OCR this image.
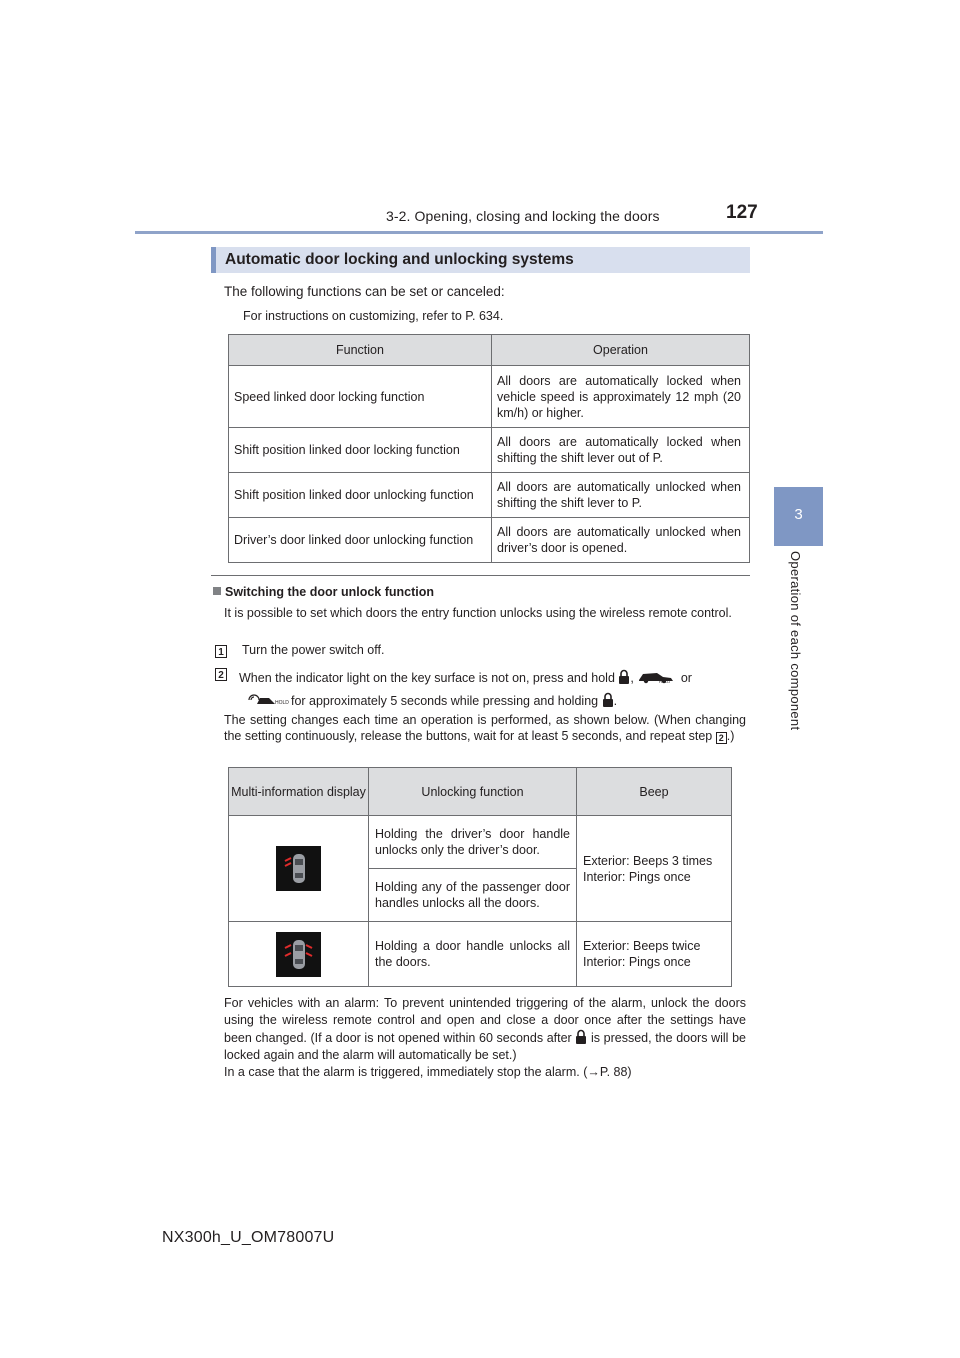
3-2. Opening, closing and locking the doors	127
3
Operation of each component
Automatic door locking and unlocking systems
The following functions can be set or canceled:
For instructions on customizing, refer to P. 634.
Function	Operation
Speed linked door locking function	All doors are automatically locked when vehicle speed is approximately 12 mph (20 km/h) or higher.
Shift position linked door locking function	All doors are automatically locked when shifting the shift lever out of P.
Shift position linked door unlocking function	All doors are automatically unlocked when shifting the shift lever to P.
Driver’s door linked door unlocking function	All doors are automatically unlocked when driver’s door is opened.
Switching the door unlock function
It is possible to set which doors the entry function unlocks using the wireless remote control.
1 Turn the power switch off.
2 When the indicator light on the key surface is not on, press and hold ,	HOLD or

HOLD for approximately 5 seconds while pressing and holding .
The setting changes each time an operation is performed, as shown below. (When changing the setting continuously, release the buttons, wait for at least 5 seconds, and repeat step 2 .)
Multi-information display	Unlocking function	Beep

	Holding the driver’s door handle unlocks only the driver’s door.	Exterior: Beeps 3 times
Interior: Pings once
	Holding any of the passenger door handles unlocks all the doors.	

	Holding a door handle unlocks all the doors.	Exterior: Beeps twice
Interior: Pings once
For vehicles with an alarm: To prevent unintended triggering of the alarm, unlock the doors using the wireless remote control and open and close a door once after the settings have been changed. (If a door is not opened within 60 seconds after is pressed, the doors will be locked again and the alarm will automatically be set.)
In a case that the alarm is triggered, immediately stop the alarm. (→P. 88)
NX300h_U_OM78007U
